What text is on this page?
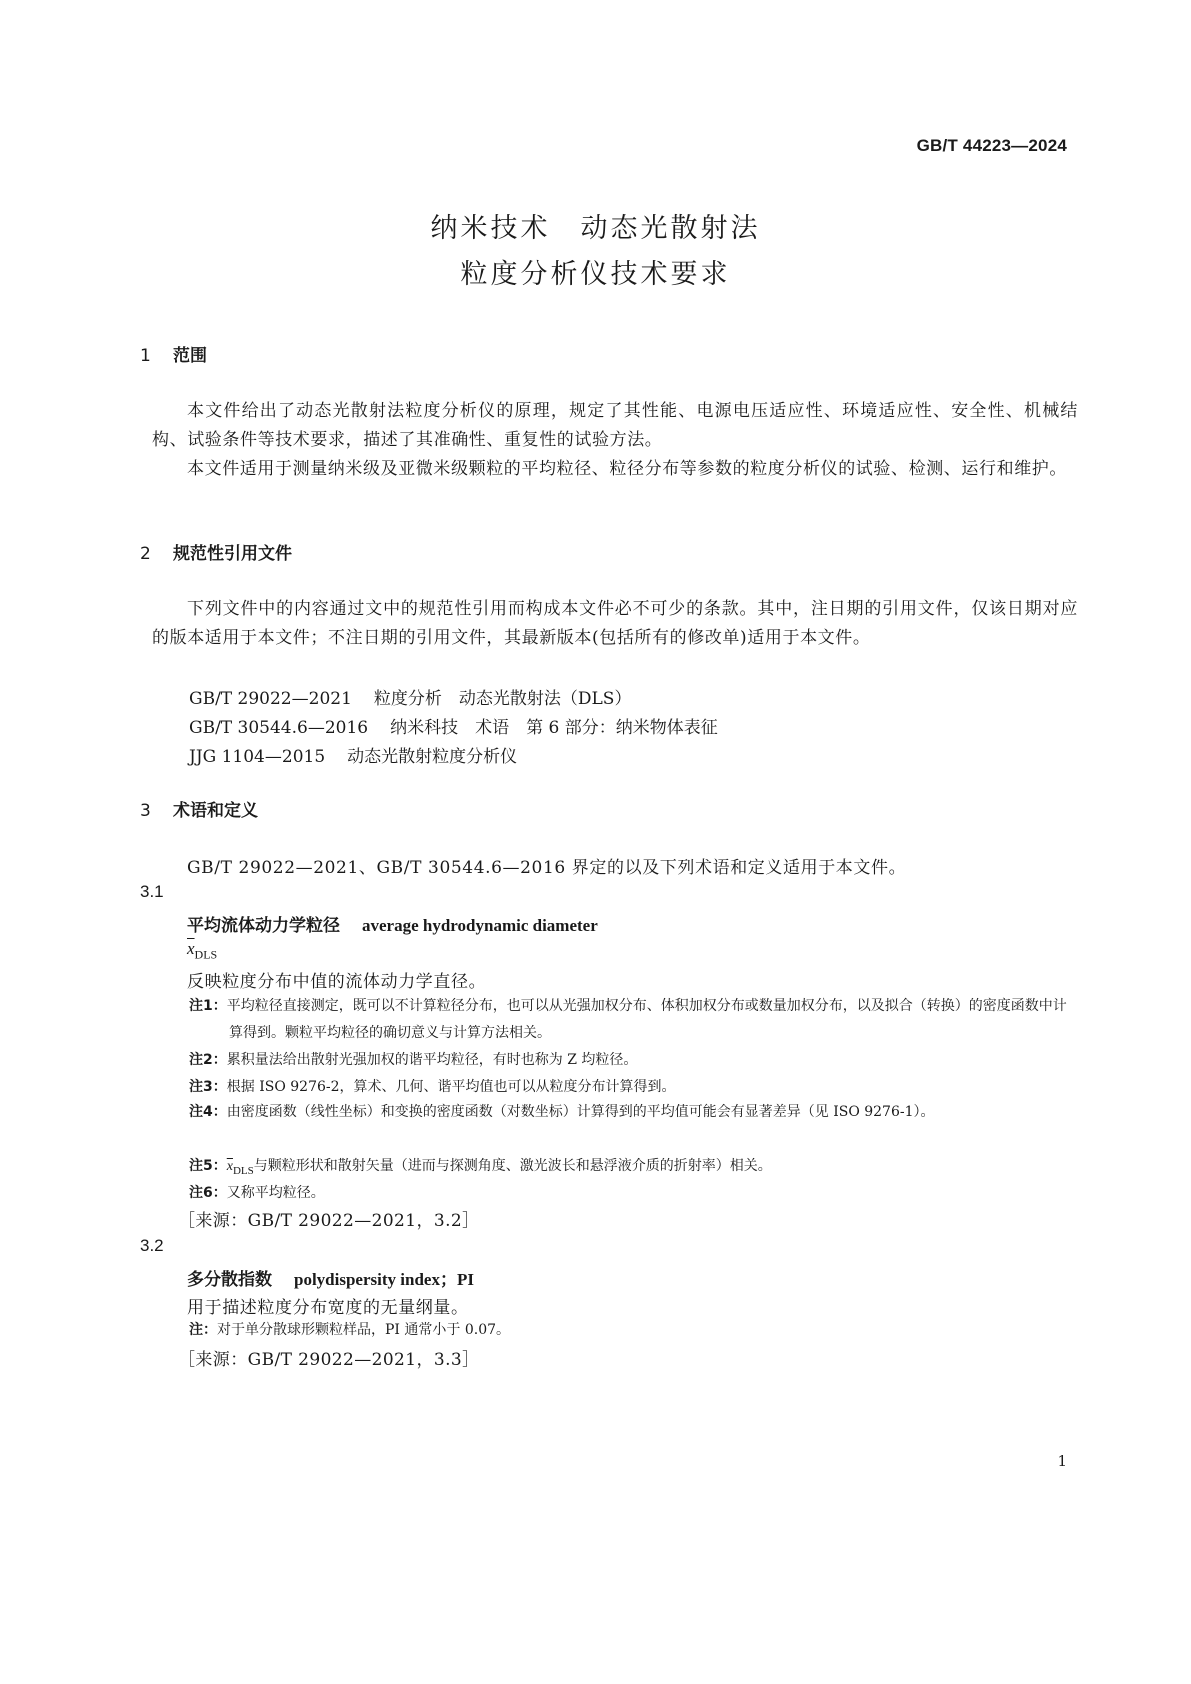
GB/T 44223—2024
纳米技术　动态光散射法
粒度分析仪技术要求
1 范围
本文件给出了动态光散射法粒度分析仪的原理，规定了其性能、电源电压适应性、环境适应性、安全性、机械结构、试验条件等技术要求，描述了其准确性、重复性的试验方法。
本文件适用于测量纳米级及亚微米级颗粒的平均粒径、粒径分布等参数的粒度分析仪的试验、检测、运行和维护。
2 规范性引用文件
下列文件中的内容通过文中的规范性引用而构成本文件必不可少的条款。其中，注日期的引用文件，仅该日期对应的版本适用于本文件；不注日期的引用文件，其最新版本(包括所有的修改单)适用于本文件。
GB/T 29022—2021 粒度分析　动态光散射法（DLS）
GB/T 30544.6—2016 纳米科技　术语　第 6 部分：纳米物体表征
JJG 1104—2015 动态光散射粒度分析仪
3 术语和定义
GB/T 29022—2021、GB/T 30544.6—2016 界定的以及下列术语和定义适用于本文件。
3.1
平均流体动力学粒径 average hydrodynamic diameter
$\overline{x}_{DLS}$
反映粒度分布中值的流体动力学直径。
注1：平均粒径直接测定，既可以不计算粒径分布，也可以从光强加权分布、体积加权分布或数量加权分布，以及拟合（转换）的密度函数中计算得到。颗粒平均粒径的确切意义与计算方法相关。
注2：累积量法给出散射光强加权的谐平均粒径，有时也称为 Z 均粒径。
注3：根据 ISO 9276-2，算术、几何、谐平均值也可以从粒度分布计算得到。
注4：由密度函数（线性坐标）和变换的密度函数（对数坐标）计算得到的平均值可能会有显著差异（见 ISO 9276-1）。
注5：$\overline{x}_{DLS}$与颗粒形状和散射矢量（进而与探测角度、激光波长和悬浮液介质的折射率）相关。
注6：又称平均粒径。
［来源：GB/T 29022—2021，3.2］
3.2
多分散指数 polydispersity index；PI
用于描述粒度分布宽度的无量纲量。
注：对于单分散球形颗粒样品，PI 通常小于 0.07。
［来源：GB/T 29022—2021，3.3］
1
